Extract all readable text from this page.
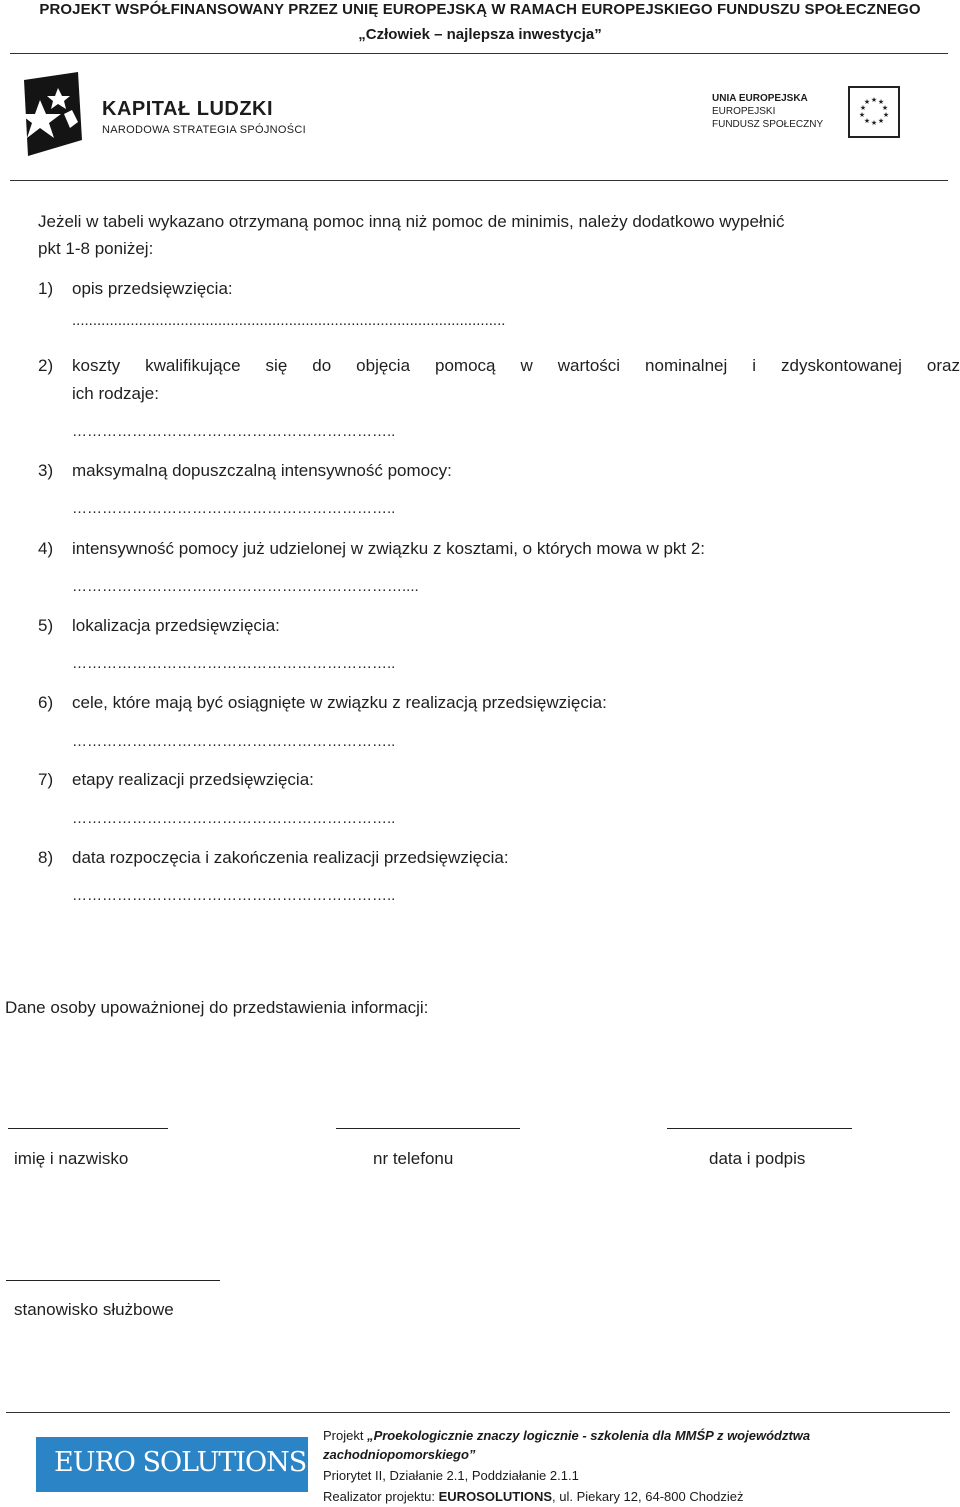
PROJEKT WSPÓŁFINANSOWANY PRZEZ UNIĘ EUROPEJSKĄ W RAMACH EUROPEJSKIEGO FUNDUSZU SPOŁECZNEGO
„Człowiek – najlepsza inwestycja”
KAPITAŁ LUDZKI
NARODOWA STRATEGIA SPÓJNOŚCI
UNIA EUROPEJSKA
EUROPEJSKI
FUNDUSZ SPOŁECZNY
★ ★
★
★
★
★
★
★
★
★
Jeżeli w tabeli wykazano otrzymaną pomoc inną niż pomoc de minimis, należy dodatkowo wypełnić
pkt 1-8 poniżej:
1) opis przedsięwzięcia:
........................................................................................................
2) koszty kwalifikujące się do objęcia pomocą w wartości nominalnej i zdyskontowanej oraz
ich rodzaje:
………………………………………………………..
3) maksymalną dopuszczalną intensywność pomocy:
………………………………………………………..
4) intensywność pomocy już udzielonej w związku z kosztami, o których mowa w pkt 2:
…………………………………………………………....
5) lokalizacja przedsięwzięcia:
………………………………………………………..
6) cele, które mają być osiągnięte w związku z realizacją przedsięwzięcia:
………………………………………………………..
7) etapy realizacji przedsięwzięcia:
………………………………………………………..
8) data rozpoczęcia i zakończenia realizacji przedsięwzięcia:
………………………………………………………..
Dane osoby upoważnionej do przedstawienia informacji:
imię i nazwisko	nr telefonu	data i podpis
stanowisko służbowe
EURO SOLUTIONS
Projekt „Proekologicznie znaczy logicznie - szkolenia dla MMŚP z województwa
zachodniopomorskiego”
Priorytet II, Działanie 2.1, Poddziałanie 2.1.1
Realizator projektu: EUROSOLUTIONS, ul. Piekary 12, 64-800 Chodzież
